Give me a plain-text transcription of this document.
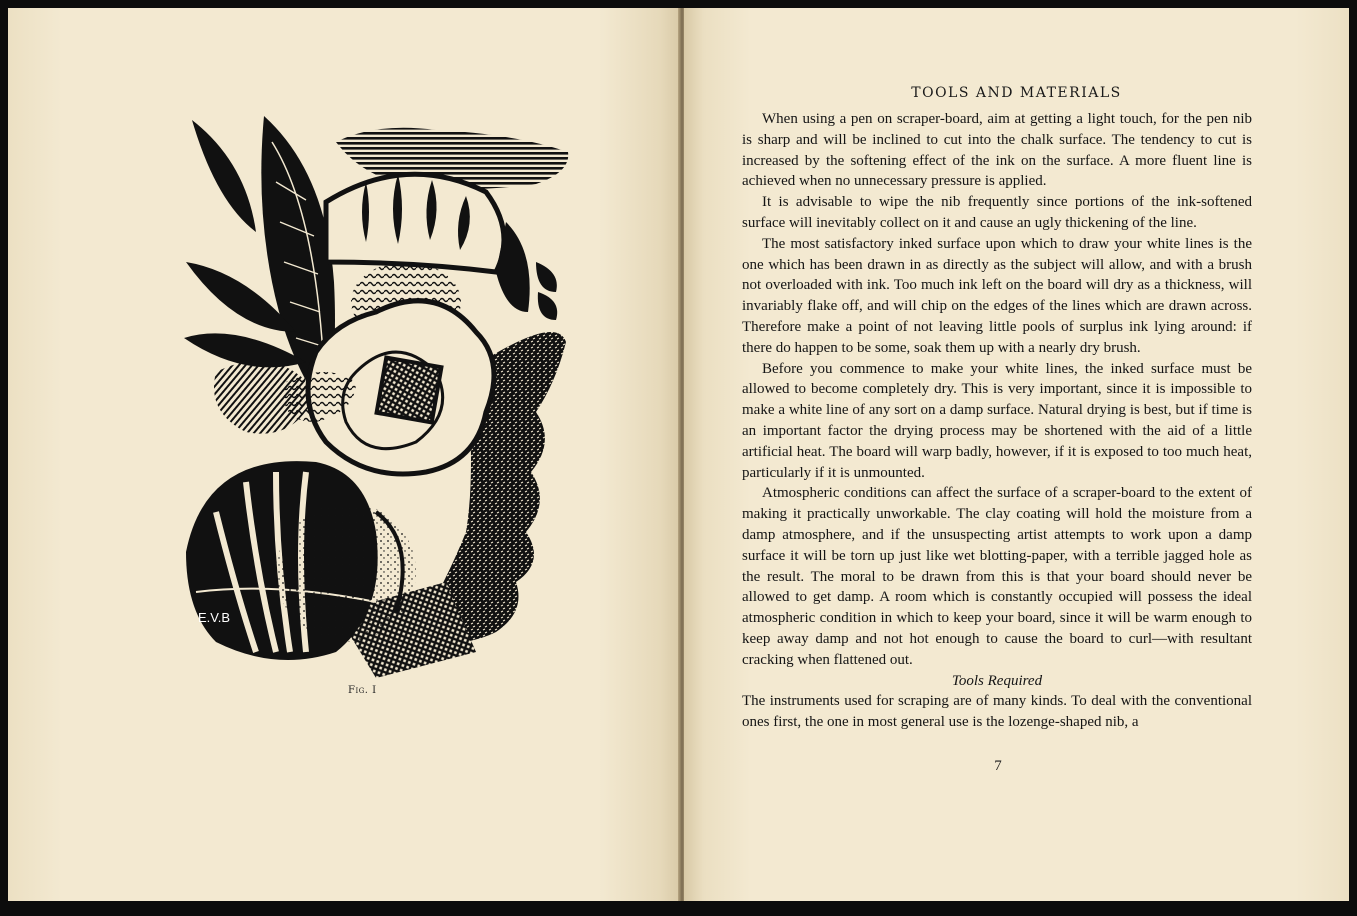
E.V.B
Fig. I
TOOLS AND MATERIALS

When using a pen on scraper-board, aim at getting a light touch, for the pen nib is sharp and will be inclined to cut into the chalk surface. The tendency to cut is increased by the softening effect of the ink on the surface. A more fluent line is achieved when no unnecessary pressure is applied.

It is advisable to wipe the nib frequently since portions of the ink-softened surface will inevitably collect on it and cause an ugly thickening of the line.

The most satisfactory inked surface upon which to draw your white lines is the one which has been drawn in as directly as the subject will allow, and with a brush not overloaded with ink. Too much ink left on the board will dry as a thickness, will invariably flake off, and will chip on the edges of the lines which are drawn across. Therefore make a point of not leaving little pools of surplus ink lying around: if there do happen to be some, soak them up with a nearly dry brush.

Before you commence to make your white lines, the inked surface must be allowed to become completely dry. This is very important, since it is impossible to make a white line of any sort on a damp surface. Natural drying is best, but if time is an important factor the drying process may be shortened with the aid of a little artificial heat. The board will warp badly, however, if it is exposed to too much heat, particularly if it is unmounted.

Atmospheric conditions can affect the surface of a scraper-board to the extent of making it practically unworkable. The clay coating will hold the moisture from a damp atmosphere, and if the unsuspecting artist attempts to work upon a damp surface it will be torn up just like wet blotting-paper, with a terrible jagged hole as the result. The moral to be drawn from this is that your board should never be allowed to get damp. A room which is constantly occupied will possess the ideal atmospheric condition in which to keep your board, since it will be warm enough to keep away damp and not hot enough to cause the board to curl—with resultant cracking when flattened out.

Tools Required

The instruments used for scraping are of many kinds. To deal with the conventional ones first, the one in most general use is the lozenge-shaped nib, a

7
